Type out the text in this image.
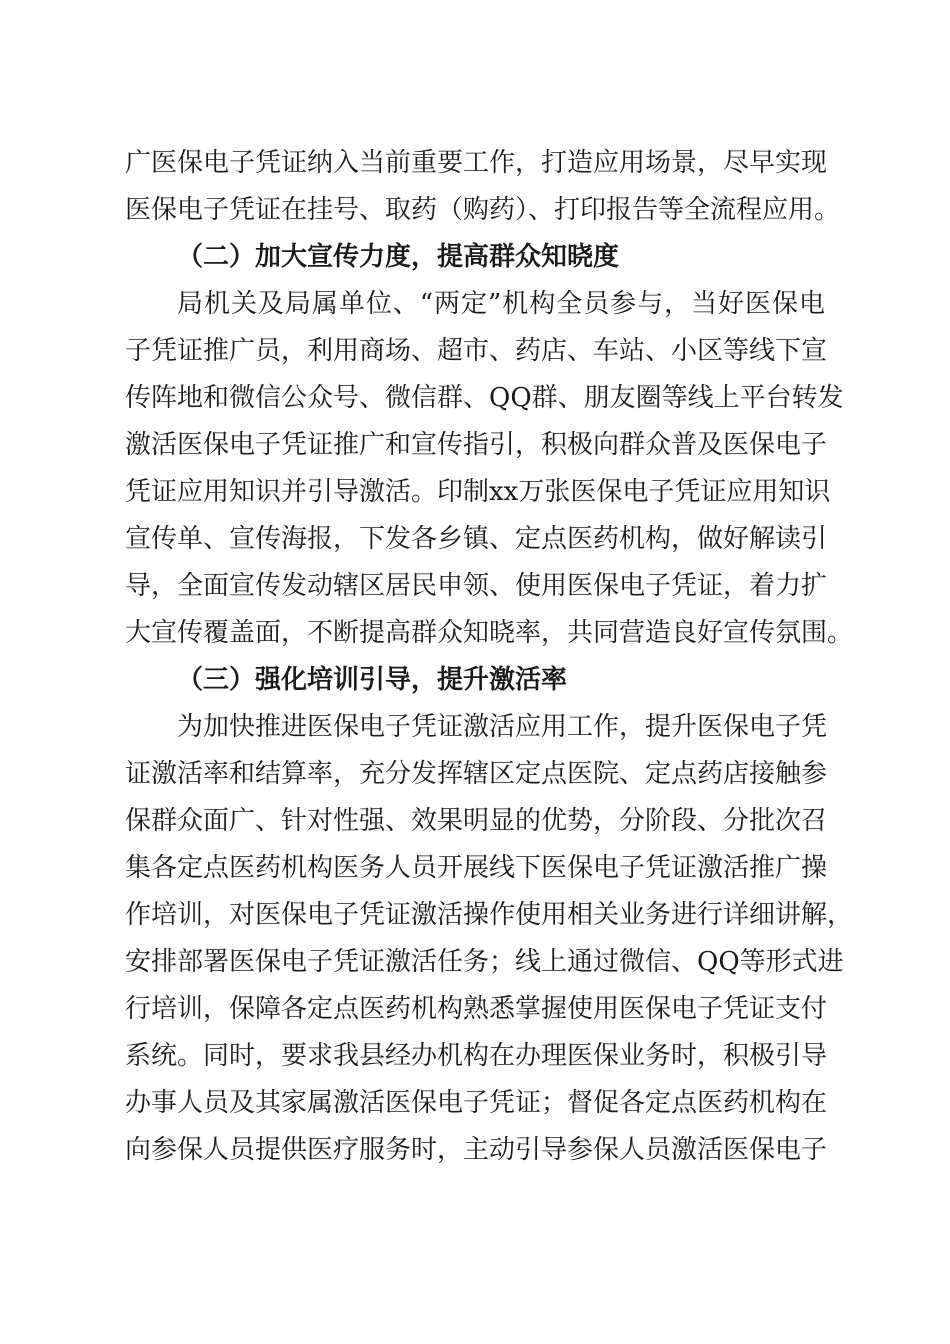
广医保电子凭证纳入当前重要工作，打造应用场景，尽早实现
医保电子凭证在挂号、取药（购药）、打印报告等全流程应用。
（二）加大宣传力度，提高群众知晓度
局机关及局属单位、“两定”机构全员参与，当好医保电
子凭证推广员，利用商场、超市、药店、车站、小区等线下宣
传阵地和微信公众号、微信群、QQ群、朋友圈等线上平台转发
激活医保电子凭证推广和宣传指引，积极向群众普及医保电子
凭证应用知识并引导激活。印制xx万张医保电子凭证应用知识
宣传单、宣传海报，下发各乡镇、定点医药机构，做好解读引
导，全面宣传发动辖区居民申领、使用医保电子凭证，着力扩
大宣传覆盖面，不断提高群众知晓率，共同营造良好宣传氛围。
（三）强化培训引导，提升激活率
为加快推进医保电子凭证激活应用工作，提升医保电子凭
证激活率和结算率，充分发挥辖区定点医院、定点药店接触参
保群众面广、针对性强、效果明显的优势，分阶段、分批次召
集各定点医药机构医务人员开展线下医保电子凭证激活推广操
作培训，对医保电子凭证激活操作使用相关业务进行详细讲解，
安排部署医保电子凭证激活任务；线上通过微信、QQ等形式进
行培训，保障各定点医药机构熟悉掌握使用医保电子凭证支付
系统。同时，要求我县经办机构在办理医保业务时，积极引导
办事人员及其家属激活医保电子凭证；督促各定点医药机构在
向参保人员提供医疗服务时，主动引导参保人员激活医保电子
